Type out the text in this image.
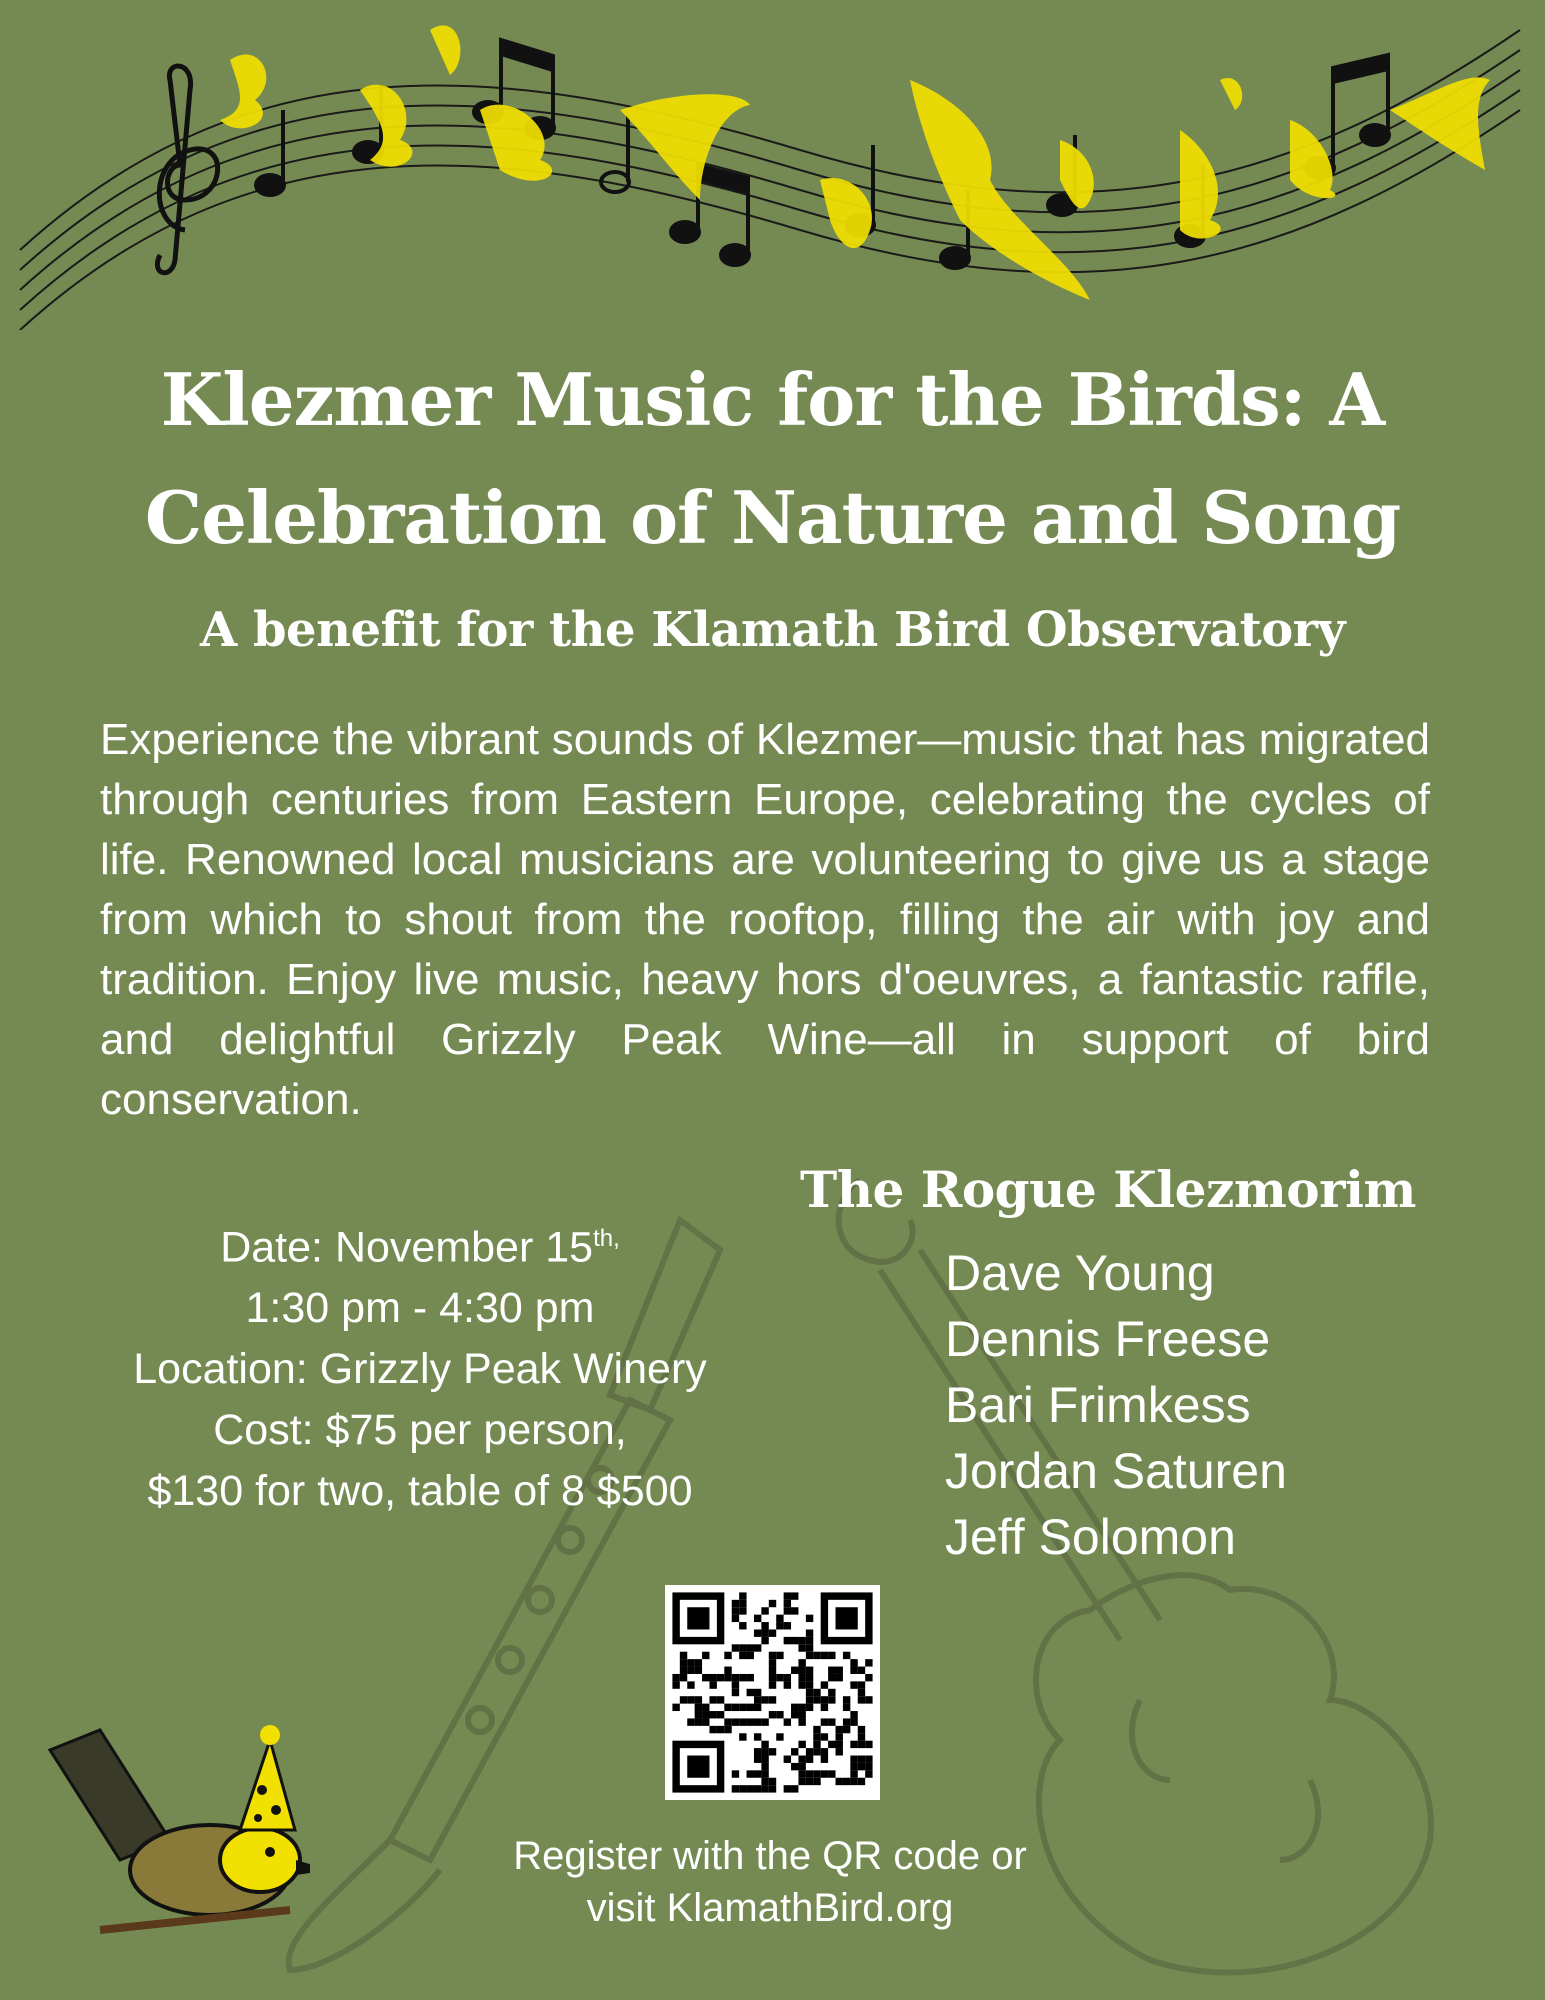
Klezmer Music for the Birds: A
Celebration of Nature and Song
A benefit for the Klamath Bird Observatory
Experience the vibrant sounds of Klezmer—music that has migrated through centuries from Eastern Europe, celebrating the cycles of life. Renowned local musicians are volunteering to give us a stage from which to shout from the rooftop, filling the air with joy and tradition. Enjoy live music, heavy hors d'oeuvres, a fantastic raffle, and delightful Grizzly Peak Wine—all in support of bird conservation.
Date: November $15^{th,}$
1:30 pm - 4:30 pm
Location: Grizzly Peak Winery
Cost: $75 per person,
$130 for two, table of 8 $500
The Rogue Klezmorim
Dave Young
Dennis Freese
Bari Frimkess
Jordan Saturen
Jeff Solomon
Register with the QR code or
visit KlamathBird.org
